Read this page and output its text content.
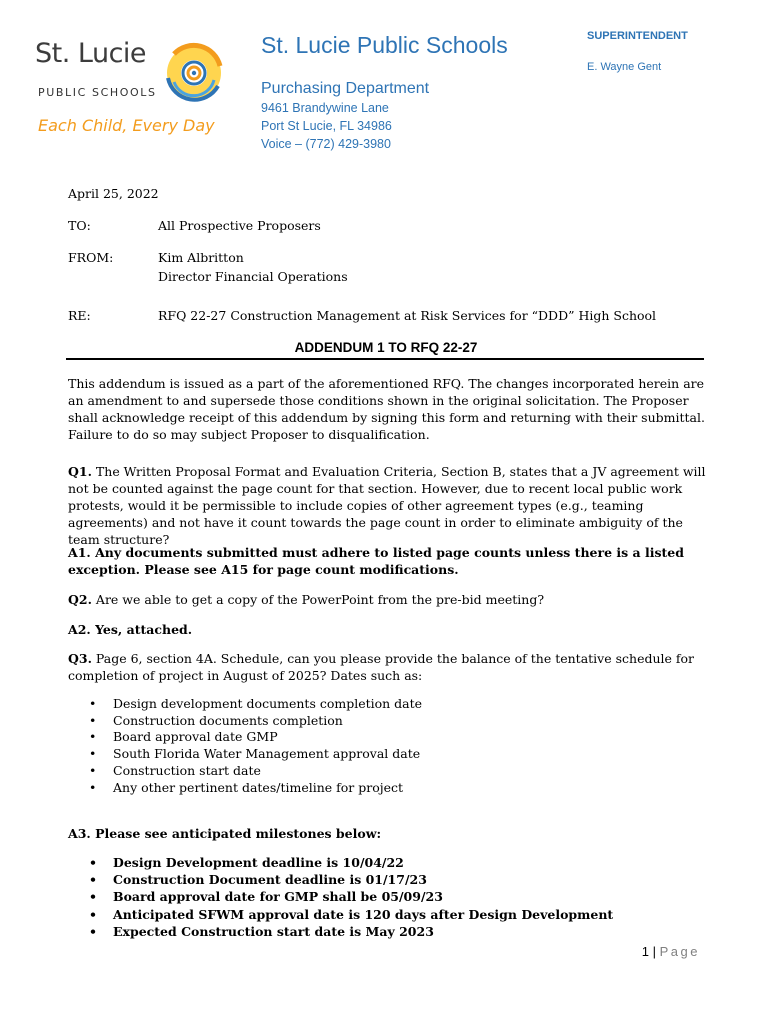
St. Lucie
PUBLIC SCHOOLS
Each Child, Every Day
St. Lucie Public Schools
Purchasing Department
9461 Brandywine Lane
Port St Lucie, FL 34986
Voice – (772) 429-3980
SUPERINTENDENT
E. Wayne Gent
April 25, 2022
TO:	All Prospective Proposers
FROM:	Kim Albritton
Director Financial Operations
RE:	RFQ 22-27 Construction Management at Risk Services for “DDD” High School
ADDENDUM 1 TO RFQ 22-27
This addendum is issued as a part of the aforementioned RFQ. The changes incorporated herein are an amendment to and supersede those conditions shown in the original solicitation. The Proposer shall acknowledge receipt of this addendum by signing this form and returning with their submittal. Failure to do so may subject Proposer to disqualification.
Q1. The Written Proposal Format and Evaluation Criteria, Section B, states that a JV agreement will not be counted against the page count for that section. However, due to recent local public work protests, would it be permissible to include copies of other agreement types (e.g., teaming agreements) and not have it count towards the page count in order to eliminate ambiguity of the team structure?
A1. Any documents submitted must adhere to listed page counts unless there is a listed exception. Please see A15 for page count modifications.
Q2. Are we able to get a copy of the PowerPoint from the pre-bid meeting?
A2. Yes, attached.
Q3. Page 6, section 4A. Schedule, can you please provide the balance of the tentative schedule for completion of project in August of 2025? Dates such as:
• Design development documents completion date
• Construction documents completion
• Board approval date GMP
• South Florida Water Management approval date
• Construction start date
• Any other pertinent dates/timeline for project
A3. Please see anticipated milestones below:
• Design Development deadline is 10/04/22
• Construction Document deadline is 01/17/23
• Board approval date for GMP shall be 05/09/23
• Anticipated SFWM approval date is 120 days after Design Development
• Expected Construction start date is May 2023
1 | Page
